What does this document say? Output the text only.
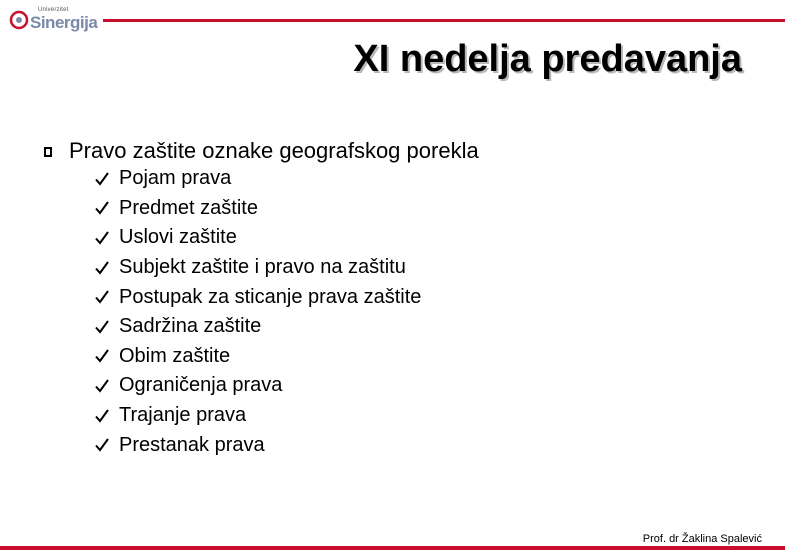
Univerzitet
Sinergija
XI nedelja predavanja
Pravo zaštite oznake geografskog porekla
Pojam prava
Predmet zaštite
Uslovi zaštite
Subjekt zaštite i pravo na zaštitu
Postupak za sticanje prava zaštite
Sadržina zaštite
Obim zaštite
Ograničenja prava
Trajanje prava
Prestanak prava
Prof. dr Žaklina Spalević
